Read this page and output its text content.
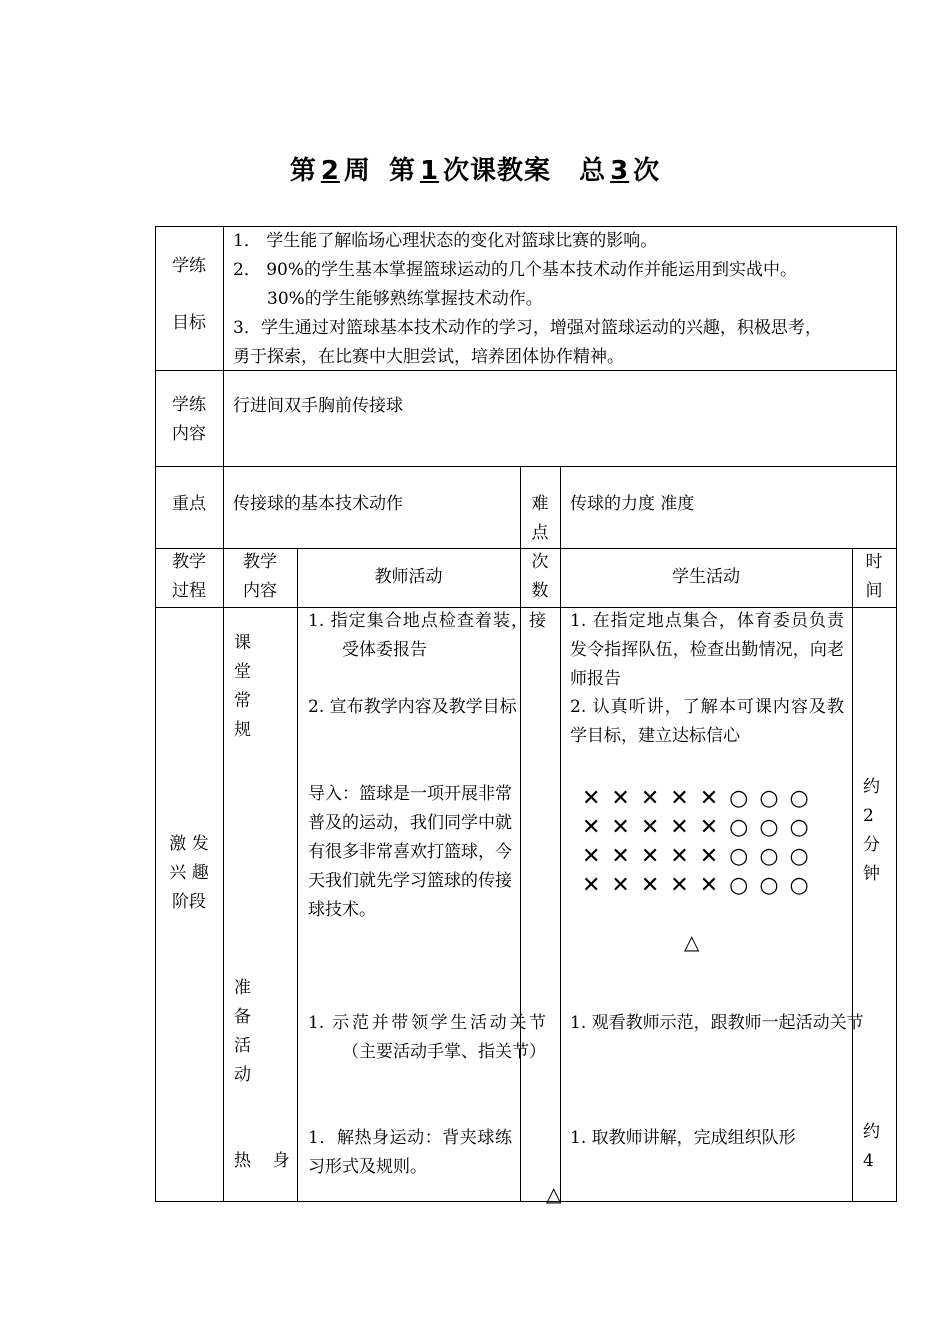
第 2 周 第 1 次课教案 总 3 次
学练
目标
1． 学生能了解临场心理状态的变化对篮球比赛的影响。
2． 90%的学生基本掌握篮球运动的几个基本技术动作并能运用到实战中。
30%的学生能够熟练掌握技术动作。
3．学生通过对篮球基本技术动作的学习，增强对篮球运动的兴趣，积极思考，
勇于探索，在比赛中大胆尝试，培养团体协作精神。
学练
内容
行进间双手胸前传接球
重点	传接球的基本技术动作	难
点
传球的力度 准度
教学
过程
教学
内容
教师活动
次
数
学生活动
时
间
激 发
兴 趣
阶段
课
堂
常
规
准
备
活
动
热    身
1. 指定集合地点检查着装，接受体委报告
2. 宣布教学内容及教学目标
导入：篮球是一项开展非常普及的运动，我们同学中就有很多非常喜欢打篮球，今天我们就先学习篮球的传接球技术。
1. 示范并带领学生活动关节（主要活动手掌、指关节）
1．解热身运动：背夹球练习形式及规则。
1. 在指定地点集合，体育委员负责发令指挥队伍，检查出勤情况，向老师报告
2. 认真听讲，了解本可课内容及教学目标，建立达标信心
✕✕✕✕✕○○○
✕✕✕✕✕○○○
✕✕✕✕✕○○○
✕✕✕✕✕○○○
△
1. 观看教师示范，跟教师一起活动关节
1. 取教师讲解，完成组织队形
约
2
分
钟
约
4
△
